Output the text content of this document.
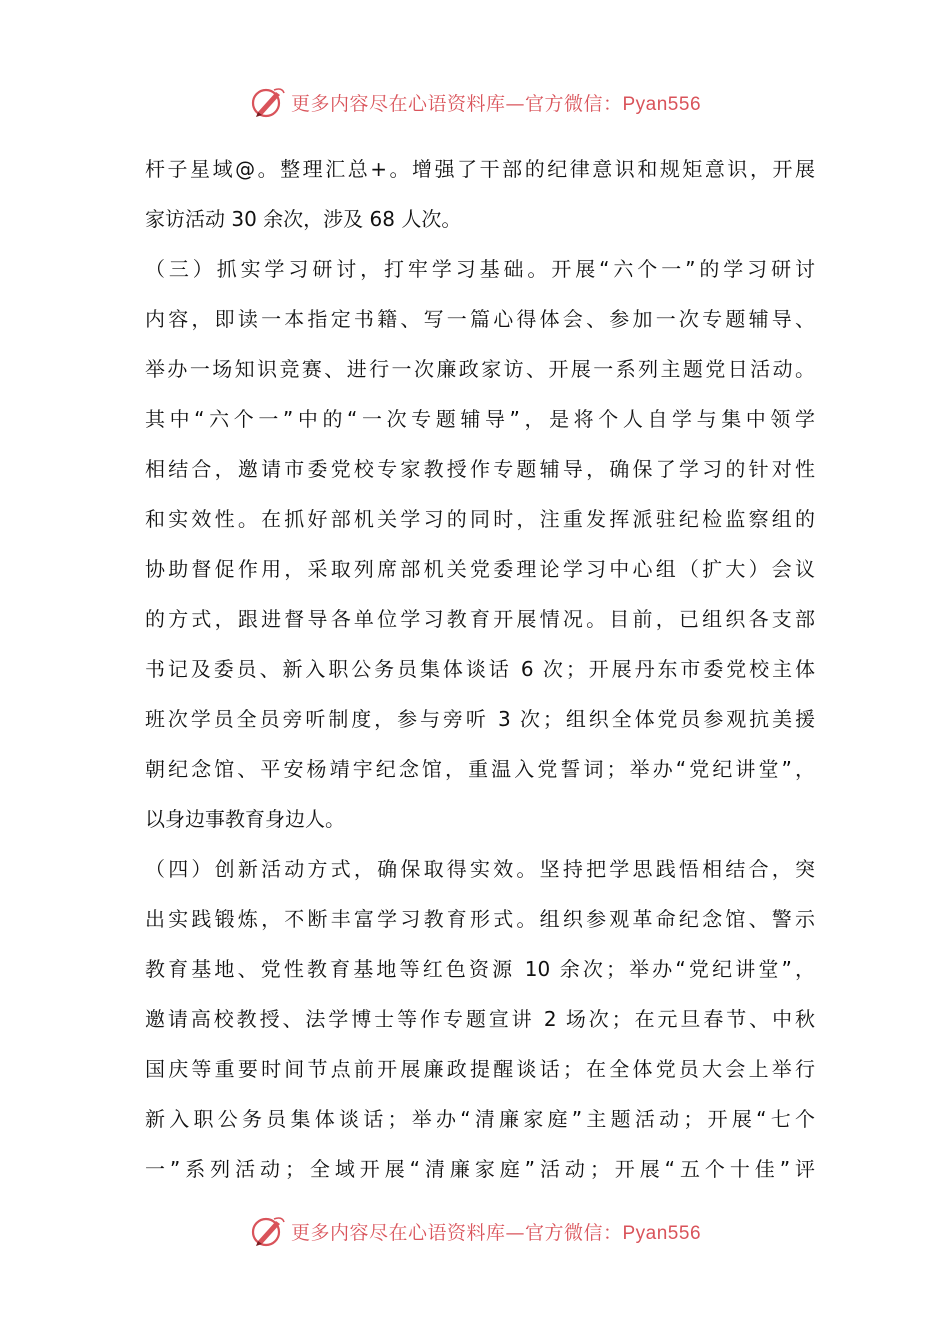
更多内容尽在心语资料库—官方微信：Pyan556
杆子星域@。整理汇总+。增强了干部的纪律意识和规矩意识，开展
家访活动 30 余次，涉及 68 人次。
（三）抓实学习研讨，打牢学习基础。开展“六个一”的学习研讨
内容，即读一本指定书籍、写一篇心得体会、参加一次专题辅导、
举办一场知识竞赛、进行一次廉政家访、开展一系列主题党日活动。
其中“六个一”中的“一次专题辅导”，是将个人自学与集中领学
相结合，邀请市委党校专家教授作专题辅导，确保了学习的针对性
和实效性。在抓好部机关学习的同时，注重发挥派驻纪检监察组的
协助督促作用，采取列席部机关党委理论学习中心组（扩大）会议
的方式，跟进督导各单位学习教育开展情况。目前，已组织各支部
书记及委员、新入职公务员集体谈话 6 次；开展丹东市委党校主体
班次学员全员旁听制度，参与旁听 3 次；组织全体党员参观抗美援
朝纪念馆、平安杨靖宇纪念馆，重温入党誓词；举办“党纪讲堂”，
以身边事教育身边人。
（四）创新活动方式，确保取得实效。坚持把学思践悟相结合，突
出实践锻炼，不断丰富学习教育形式。组织参观革命纪念馆、警示
教育基地、党性教育基地等红色资源 10 余次；举办“党纪讲堂”，
邀请高校教授、法学博士等作专题宣讲 2 场次；在元旦春节、中秋
国庆等重要时间节点前开展廉政提醒谈话；在全体党员大会上举行
新入职公务员集体谈话；举办“清廉家庭”主题活动；开展“七个
一”系列活动；全域开展“清廉家庭”活动；开展“五个十佳”评
更多内容尽在心语资料库—官方微信：Pyan556
